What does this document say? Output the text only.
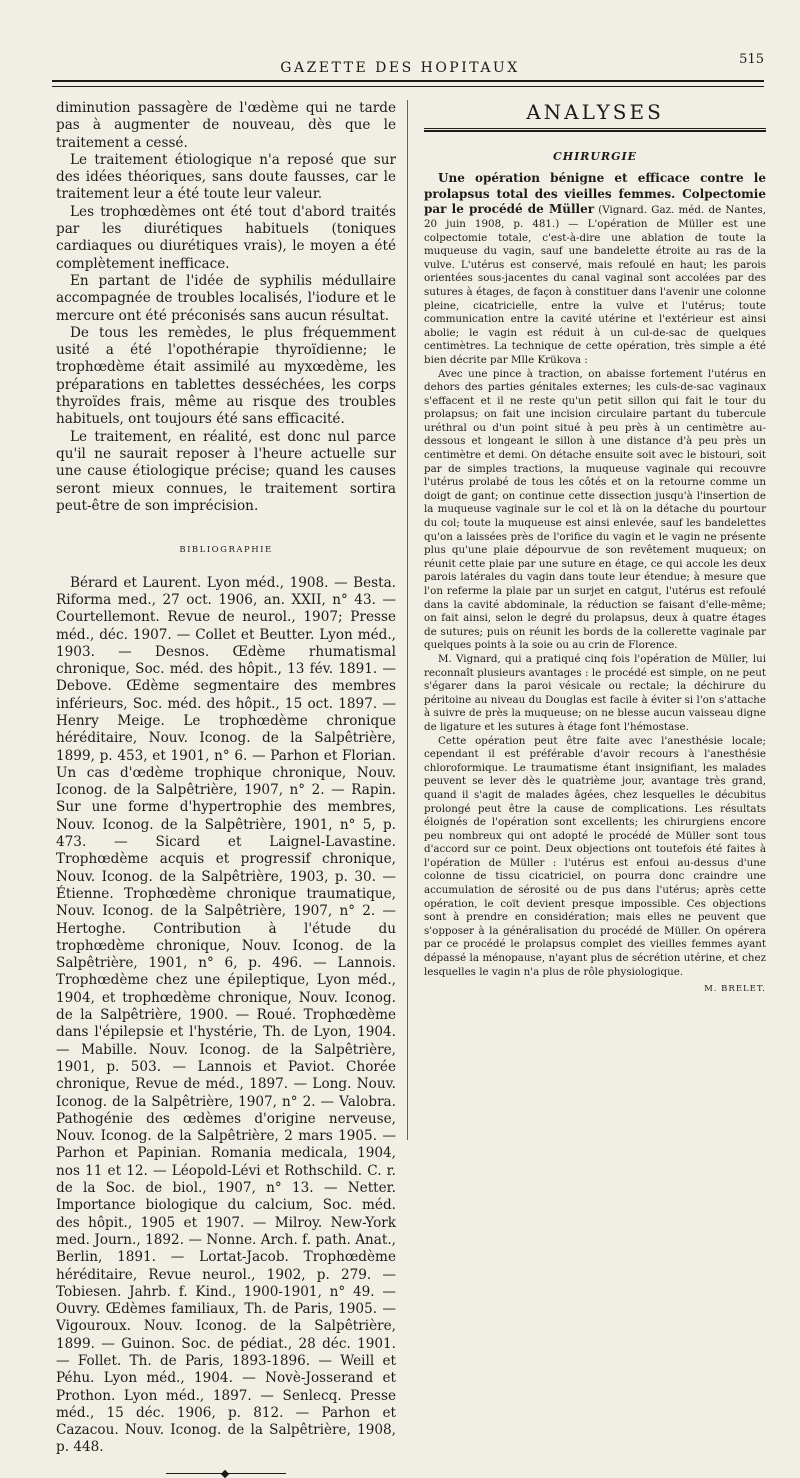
GAZETTE DES HOPITAUX
515

diminution passagère de l'œdème qui ne tarde pas à augmenter de nouveau, dès que le traitement a cessé.

Le traitement étiologique n'a reposé que sur des idées théoriques, sans doute fausses, car le traitement leur a été toute leur valeur.

Les trophœdèmes ont été tout d'abord traités par les diurétiques habituels (toniques cardiaques ou diurétiques vrais), le moyen a été complètement inefficace.

En partant de l'idée de syphilis médullaire accompagnée de troubles localisés, l'iodure et le mercure ont été préconisés sans aucun résultat.

De tous les remèdes, le plus fréquemment usité a été l'opothérapie thyroïdienne; le trophœdème était assimilé au myxœdème, les préparations en tablettes desséchées, les corps thyroïdes frais, même au risque des troubles habituels, ont toujours été sans efficacité.

Le traitement, en réalité, est donc nul parce qu'il ne saurait reposer à l'heure actuelle sur une cause étiologique précise; quand les causes seront mieux connues, le traitement sortira peut-être de son imprécision.

BIBLIOGRAPHIE

Bérard et Laurent. Lyon méd., 1908. — Besta. Riforma med., 27 oct. 1906, an. XXII, n° 43. — Courtellemont. Revue de neurol., 1907; Presse méd., déc. 1907. — Collet et Beutter. Lyon méd., 1903. — Desnos. Œdème rhumatismal chronique, Soc. méd. des hôpit., 13 fév. 1891. — Debove. Œdème segmentaire des membres inférieurs, Soc. méd. des hôpit., 15 oct. 1897. — Henry Meige. Le trophœdème chronique héréditaire, Nouv. Iconog. de la Salpêtrière, 1899, p. 453, et 1901, n° 6. — Parhon et Florian. Un cas d'œdème trophique chronique, Nouv. Iconog. de la Salpêtrière, 1907, n° 2. — Rapin. Sur une forme d'hypertrophie des membres, Nouv. Iconog. de la Salpêtrière, 1901, n° 5, p. 473. — Sicard et Laignel-Lavastine. Trophœdème acquis et progressif chronique, Nouv. Iconog. de la Salpêtrière, 1903, p. 30. — Étienne. Trophœdème chronique traumatique, Nouv. Iconog. de la Salpêtrière, 1907, n° 2. — Hertoghe. Contribution à l'étude du trophœdème chronique, Nouv. Iconog. de la Salpêtrière, 1901, n° 6, p. 496. — Lannois. Trophœdème chez une épileptique, Lyon méd., 1904, et trophœdème chronique, Nouv. Iconog. de la Salpêtrière, 1900. — Roué. Trophœdème dans l'épilepsie et l'hystérie, Th. de Lyon, 1904. — Mabille. Nouv. Iconog. de la Salpêtrière, 1901, p. 503. — Lannois et Paviot. Chorée chronique, Revue de méd., 1897. — Long. Nouv. Iconog. de la Salpêtrière, 1907, n° 2. — Valobra. Pathogénie des œdèmes d'origine nerveuse, Nouv. Iconog. de la Salpêtrière, 2 mars 1905. — Parhon et Papinian. Romania medicala, 1904, nos 11 et 12. — Léopold-Lévi et Rothschild. C. r. de la Soc. de biol., 1907, n° 13. — Netter. Importance biologique du calcium, Soc. méd. des hôpit., 1905 et 1907. — Milroy. New-York med. Journ., 1892. — Nonne. Arch. f. path. Anat., Berlin, 1891. — Lortat-Jacob. Trophœdème héréditaire, Revue neurol., 1902, p. 279. — Tobiesen. Jahrb. f. Kind., 1900-1901, n° 49. — Ouvry. Œdèmes familiaux, Th. de Paris, 1905. — Vigouroux. Nouv. Iconog. de la Salpêtrière, 1899. — Guinon. Soc. de pédiat., 28 déc. 1901. — Follet. Th. de Paris, 1893-1896. — Weill et Péhu. Lyon méd., 1904. — Novè-Josserand et Prothon. Lyon méd., 1897. — Senlecq. Presse méd., 15 déc. 1906, p. 812. — Parhon et Cazacou. Nouv. Iconog. de la Salpêtrière, 1908, p. 448.

ANALYSES
CHIRURGIE

Une opération bénigne et efficace contre le prolapsus total des vieilles femmes. Colpectomie par le procédé de Müller (Vignard. Gaz. méd. de Nantes, 20 juin 1908, p. 481.) — L'opération de Müller est une colpectomie totale, c'est-à-dire une ablation de toute la muqueuse du vagin, sauf une bandelette étroite au ras de la vulve. L'utérus est conservé, mais refoulé en haut; les parois orientées sous-jacentes du canal vaginal sont accolées par des sutures à étages, de façon à constituer dans l'avenir une colonne pleine, cicatricielle, entre la vulve et l'utérus; toute communication entre la cavité utérine et l'extérieur est ainsi abolie; le vagin est réduit à un cul-de-sac de quelques centimètres. La technique de cette opération, très simple a été bien décrite par Mlle Krükova :

Avec une pince à traction, on abaisse fortement l'utérus en dehors des parties génitales externes; les culs-de-sac vaginaux s'effacent et il ne reste qu'un petit sillon qui fait le tour du prolapsus; on fait une incision circulaire partant du tubercule uréthral ou d'un point situé à peu près à un centimètre au-dessous et longeant le sillon à une distance d'à peu près un centimètre et demi. On détache ensuite soit avec le bistouri, soit par de simples tractions, la muqueuse vaginale qui recouvre l'utérus prolabé de tous les côtés et on la retourne comme un doigt de gant; on continue cette dissection jusqu'à l'insertion de la muqueuse vaginale sur le col et là on la détache du pourtour du col; toute la muqueuse est ainsi enlevée, sauf les bandelettes qu'on a laissées près de l'orifice du vagin et le vagin ne présente plus qu'une plaie dépourvue de son revêtement muqueux; on réunit cette plaie par une suture en étage, ce qui accole les deux parois latérales du vagin dans toute leur étendue; à mesure que l'on referme la plaie par un surjet en catgut, l'utérus est refoulé dans la cavité abdominale, la réduction se faisant d'elle-même; on fait ainsi, selon le degré du prolapsus, deux à quatre étages de sutures; puis on réunit les bords de la collerette vaginale par quelques points à la soie ou au crin de Florence.

M. Vignard, qui a pratiqué cinq fois l'opération de Müller, lui reconnaît plusieurs avantages : le procédé est simple, on ne peut s'égarer dans la paroi vésicale ou rectale; la déchirure du péritoine au niveau du Douglas est facile à éviter si l'on s'attache à suivre de près la muqueuse; on ne blesse aucun vaisseau digne de ligature et les sutures à étage font l'hémostase.

Cette opération peut être faite avec l'anesthésie locale; cependant il est préférable d'avoir recours à l'anesthésie chloroformique. Le traumatisme étant insignifiant, les malades peuvent se lever dès le quatrième jour, avantage très grand, quand il s'agit de malades âgées, chez lesquelles le décubitus prolongé peut être la cause de complications. Les résultats éloignés de l'opération sont excellents; les chirurgiens encore peu nombreux qui ont adopté le procédé de Müller sont tous d'accord sur ce point. Deux objections ont toutefois été faites à l'opération de Müller : l'utérus est enfoui au-dessus d'une colonne de tissu cicatriciel, on pourra donc craindre une accumulation de sérosité ou de pus dans l'utérus; après cette opération, le coït devient presque impossible. Ces objections sont à prendre en considération; mais elles ne peuvent que s'opposer à la généralisation du procédé de Müller. On opérera par ce procédé le prolapsus complet des vieilles femmes ayant dépassé la ménopause, n'ayant plus de sécrétion utérine, et chez lesquelles le vagin n'a plus de rôle physiologique.

M. BRELET.
